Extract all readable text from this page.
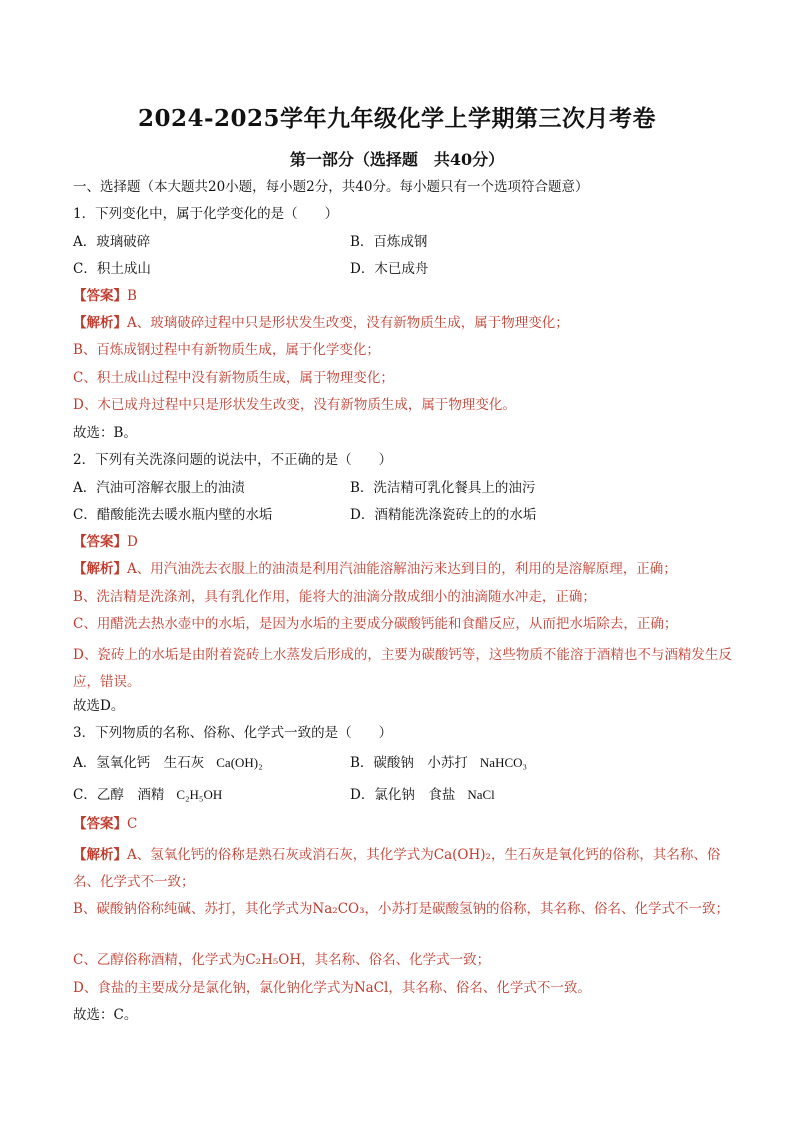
2024-2025学年九年级化学上学期第三次月考卷
第一部分（选择题　共40分）
一、选择题（本大题共20小题，每小题2分，共40分。每小题只有一个选项符合题意）
1．下列变化中，属于化学变化的是（　　）
A．玻璃破碎	B．百炼成钢
C．积土成山	D．木已成舟
【答案】B
【解析】A、玻璃破碎过程中只是形状发生改变，没有新物质生成，属于物理变化；
B、百炼成钢过程中有新物质生成，属于化学变化；
C、积土成山过程中没有新物质生成，属于物理变化；
D、木已成舟过程中只是形状发生改变，没有新物质生成，属于物理变化。
故选：B。
2．下列有关洗涤问题的说法中，不正确的是（　　）
A．汽油可溶解衣服上的油渍	B．洗洁精可乳化餐具上的油污
C．醋酸能洗去暖水瓶内壁的水垢	D．酒精能洗涤瓷砖上的的水垢
【答案】D
【解析】A、用汽油洗去衣服上的油渍是利用汽油能溶解油污来达到目的，利用的是溶解原理，正确；
B、洗洁精是洗涤剂，具有乳化作用，能将大的油滴分散成细小的油滴随水冲走，正确；
C、用醋洗去热水壶中的水垢，是因为水垢的主要成分碳酸钙能和食醋反应，从而把水垢除去，正确；
D、瓷砖上的水垢是由附着瓷砖上水蒸发后形成的，主要为碳酸钙等，这些物质不能溶于酒精也不与酒精发生反应，错误。
故选D。
3．下列物质的名称、俗称、化学式一致的是（　　）
A．氢氧化钙　生石灰 Ca(OH)₂	B．碳酸钠　小苏打 NaHCO₃
C．乙醇　酒精 C₂H₅OH	D．氯化钠　食盐 NaCl
【答案】C
【解析】A、氢氧化钙的俗称是熟石灰或消石灰，其化学式为Ca(OH)₂，生石灰是氧化钙的俗称，其名称、俗名、化学式不一致；
B、碳酸钠俗称纯碱、苏打，其化学式为Na₂CO₃，小苏打是碳酸氢钠的俗称，其名称、俗名、化学式不一致；
C、乙醇俗称酒精，化学式为C₂H₅OH，其名称、俗名、化学式一致；
D、食盐的主要成分是氯化钠，氯化钠化学式为NaCl，其名称、俗名、化学式不一致。
故选：C。
